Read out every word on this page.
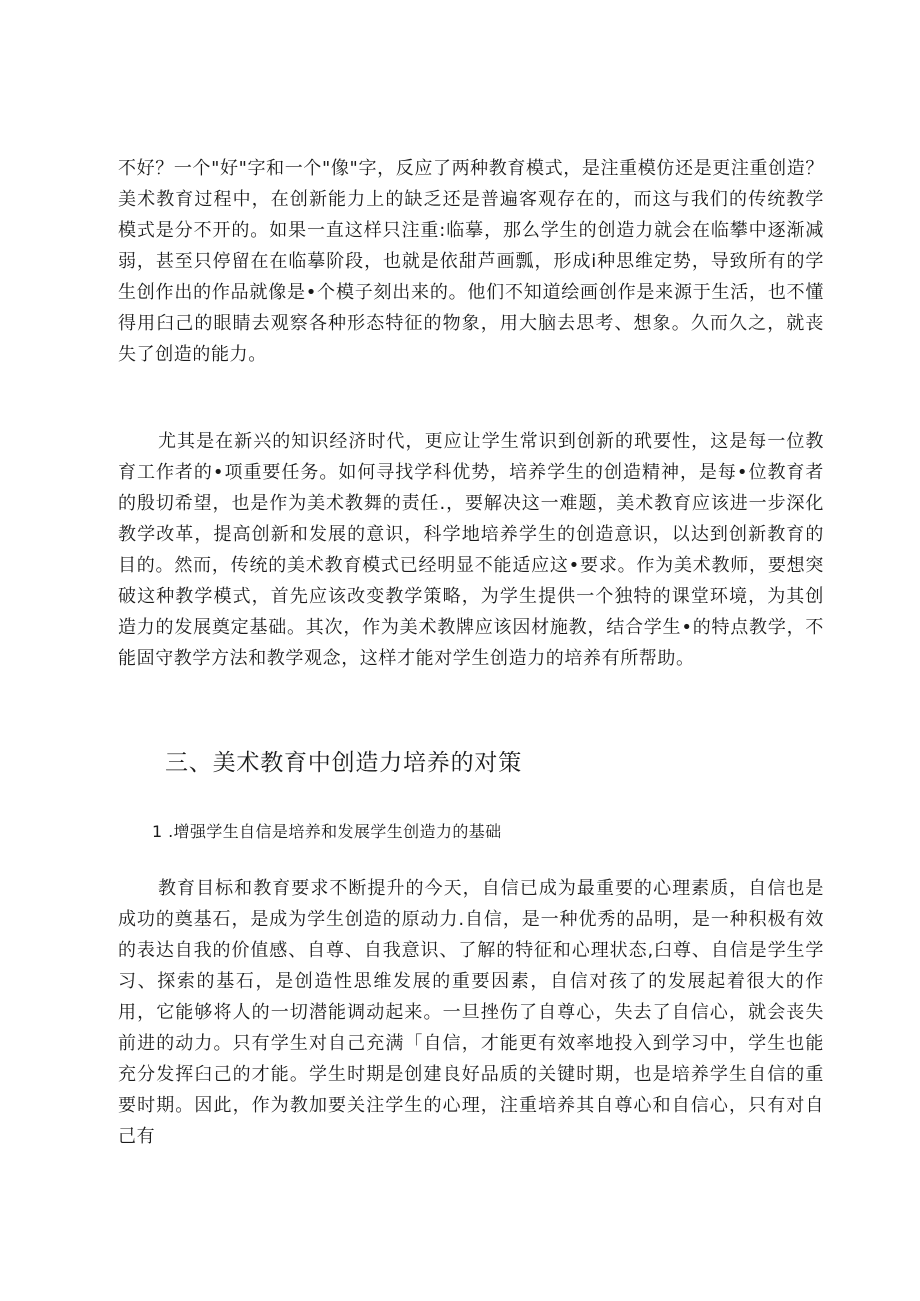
不好？一个"好"字和一个"像"字，反应了两种教育模式，是注重模仿还是更注重创造？美术教育过程中，在创新能力上的缺乏还是普遍客观存在的，而这与我们的传统教学模式是分不开的。如果一直这样只注重:临摹，那么学生的创造力就会在临攀中逐渐减弱，甚至只停留在在临摹阶段，也就是依甜芦画瓢，形成i种思维定势，导致所有的学生创作出的作品就像是•个模子刻出来的。他们不知道绘画创作是来源于生活，也不懂得用臼己的眼睛去观察各种形态特征的物象，用大脑去思考、想象。久而久之，就丧失了创造的能力。

尤其是在新兴的知识经济时代，更应让学生常识到创新的玳要性，这是每一位教育工作者的•项重要任务。如何寻找学科优势，培养学生的创造精神，是每•位教育者的殷切希望，也是作为美术教舞的责任.，要解决这一难题，美术教育应该进一步深化教学改革，提高创新和发展的意识，科学地培养学生的创造意识，以达到创新教育的目的。然而，传统的美术教育模式已经明显不能适应这•要求。作为美术教师，要想突破这种教学模式，首先应该改变教学策略，为学生提供一个独特的课堂环境，为其创造力的发展奠定基础。其次，作为美术教牌应该因材施教，结合学生•的特点教学，不能固守教学方法和教学观念，这样才能对学生创造力的培养有所帮助。

三、美术教育中创造力培养的对策
1 .增强学生自信是培养和发展学生创造力的基础

教育目标和教育要求不断提升的今天，自信已成为最重要的心理素质，自信也是成功的奠基石，是成为学生创造的原动力.自信，是一种优秀的品明，是一种积极有效的表达自我的价值感、自尊、自我意识、了解的特征和心理状态,臼尊、自信是学生学习、探索的基石，是创造性思维发展的重要因素，自信对孩了的发展起着很大的作用，它能够将人的一切潜能调动起来。一旦挫伤了自尊心，失去了自信心，就会丧失前进的动力。只有学生对自己充满「自信，才能更有效率地投入到学习中，学生也能充分发挥臼己的才能。学生时期是创建良好品质的关键时期，也是培养学生自信的重要时期。因此，作为教加要关注学生的心理，注重培养其自尊心和自信心，只有对自己有
